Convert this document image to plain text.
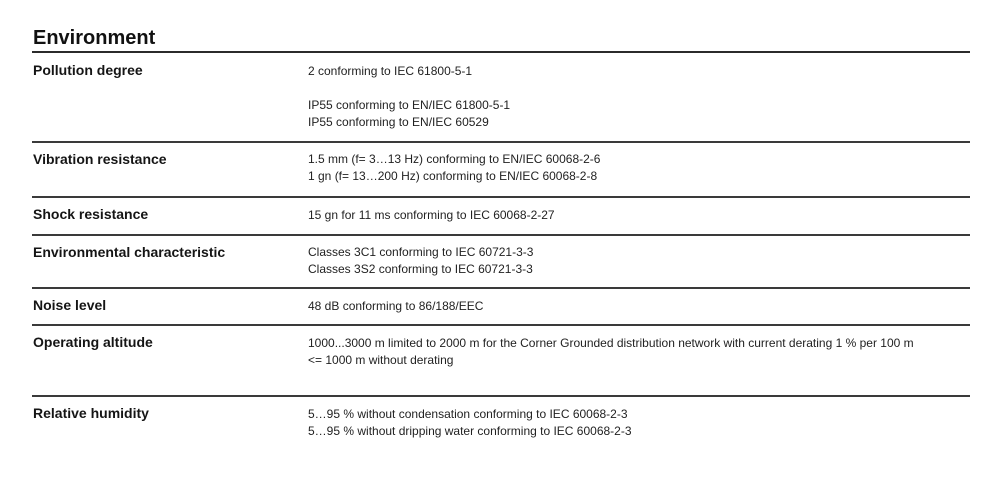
Environment
Pollution degree	2 conforming to IEC 61800-5-1
IP55 conforming to EN/IEC 61800-5-1
IP55 conforming to EN/IEC 60529
Vibration resistance	1.5 mm (f= 3…13 Hz) conforming to EN/IEC 60068-2-6
1 gn (f= 13…200 Hz) conforming to EN/IEC 60068-2-8
Shock resistance	15 gn for 11 ms conforming to IEC 60068-2-27
Environmental characteristic	Classes 3C1 conforming to IEC 60721-3-3
Classes 3S2 conforming to IEC 60721-3-3
Noise level	48 dB conforming to 86/188/EEC
Operating altitude	1000...3000 m limited to 2000 m for the Corner Grounded distribution network with current derating 1 % per 100 m
<= 1000 m without derating
Relative humidity	5…95 % without condensation conforming to IEC 60068-2-3
5…95 % without dripping water conforming to IEC 60068-2-3
